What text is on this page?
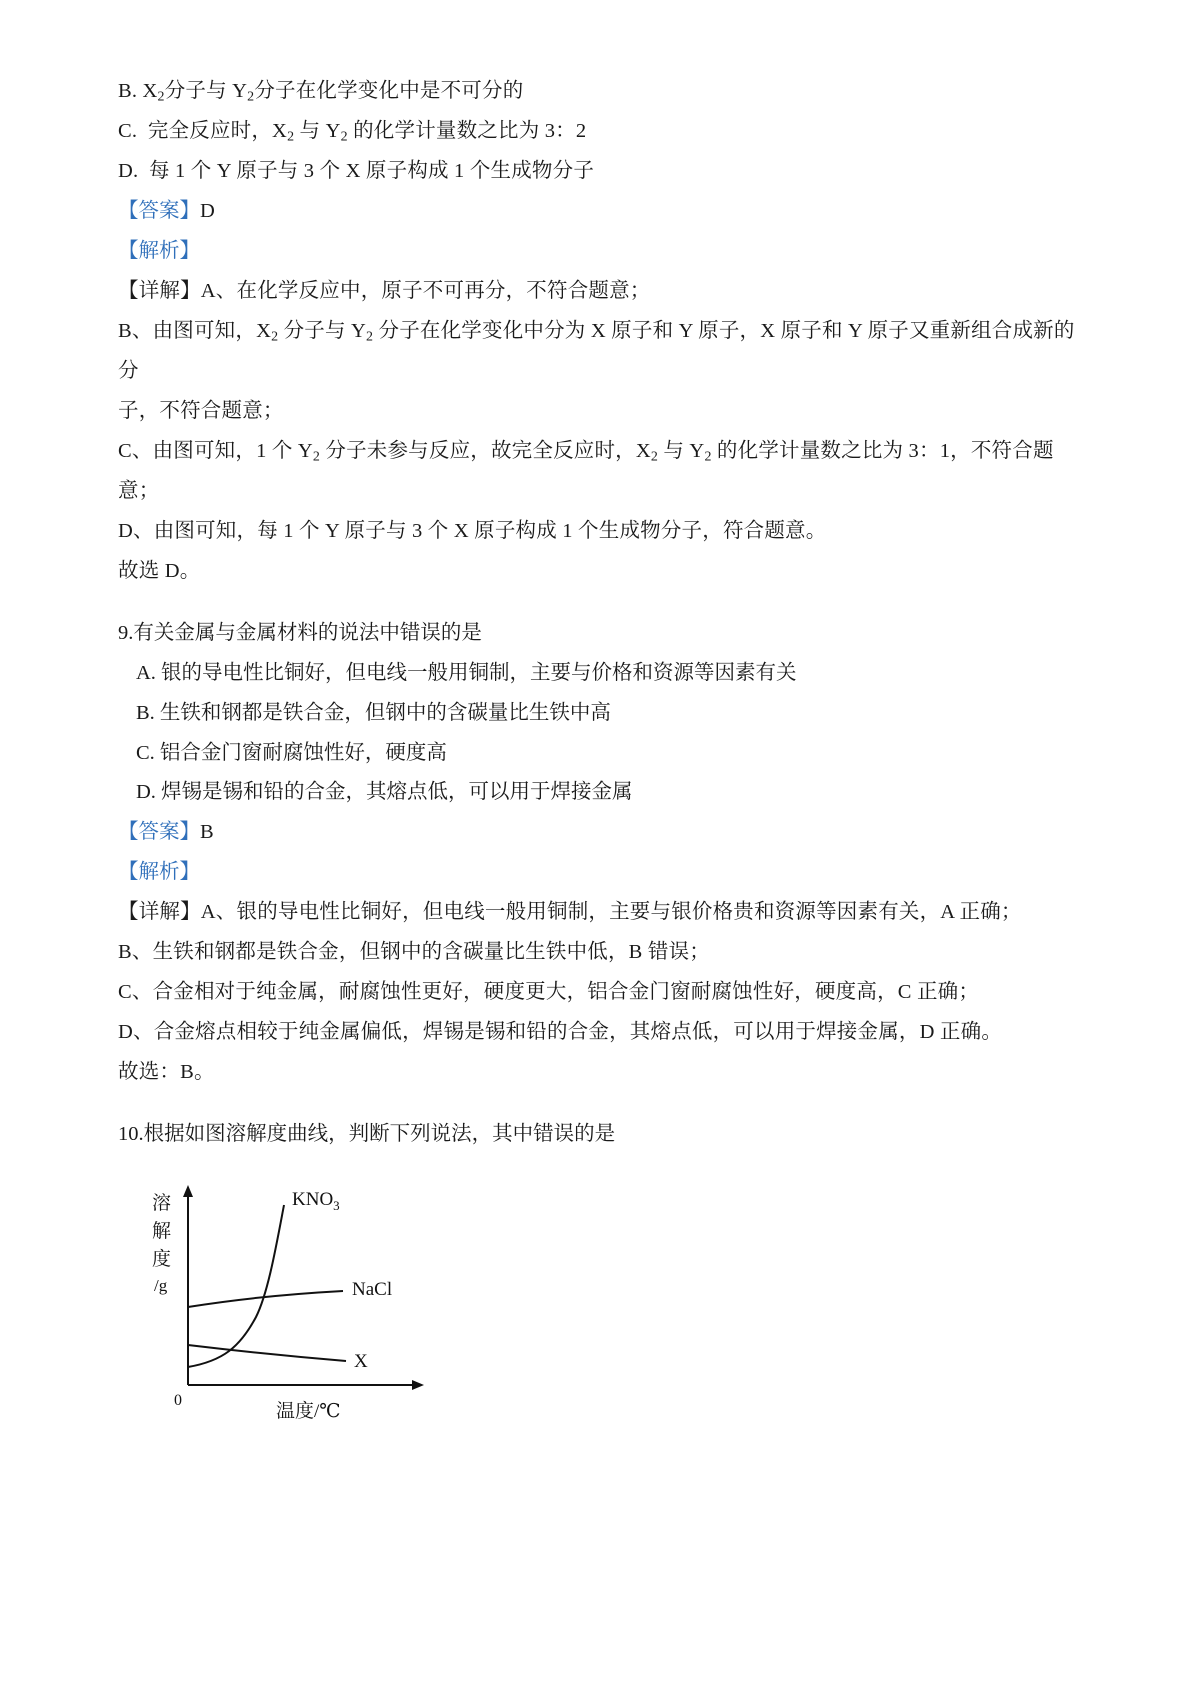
B. $X_2$分子与 $Y_2$分子在化学变化中是不可分的
C.  完全反应时，$X_2$ 与 $Y_2$ 的化学计量数之比为 3：2
D.  每 1 个 Y 原子与 3 个 X 原子构成 1 个生成物分子
【答案】D
【解析】
【详解】A、在化学反应中，原子不可再分，不符合题意；
B、由图可知，$X_2$ 分子与 $Y_2$ 分子在化学变化中分为 X 原子和 Y 原子，X 原子和 Y 原子又重新组合成新的分
子，不符合题意；
C、由图可知，1 个 $Y_2$ 分子未参与反应，故完全反应时，$X_2$ 与 $Y_2$ 的化学计量数之比为 3：1，不符合题意；
D、由图可知，每 1 个 Y 原子与 3 个 X 原子构成 1 个生成物分子，符合题意。
故选 D。
9.有关金属与金属材料的说法中错误的是
A. 银的导电性比铜好，但电线一般用铜制，主要与价格和资源等因素有关
B. 生铁和钢都是铁合金，但钢中的含碳量比生铁中高
C. 铝合金门窗耐腐蚀性好，硬度高
D. 焊锡是锡和铅的合金，其熔点低，可以用于焊接金属
【答案】B
【解析】
【详解】A、银的导电性比铜好，但电线一般用铜制，主要与银价格贵和资源等因素有关，A 正确；
B、生铁和钢都是铁合金，但钢中的含碳量比生铁中低，B 错误；
C、合金相对于纯金属，耐腐蚀性更好，硬度更大，铝合金门窗耐腐蚀性好，硬度高，C 正确；
D、合金熔点相较于纯金属偏低，焊锡是锡和铅的合金，其熔点低，可以用于焊接金属，D 正确。
故选：B。
10.根据如图溶解度曲线，判断下列说法，其中错误的是
$KNO_3$
NaCl
X
溶
解
度
/g
0
温度/℃
